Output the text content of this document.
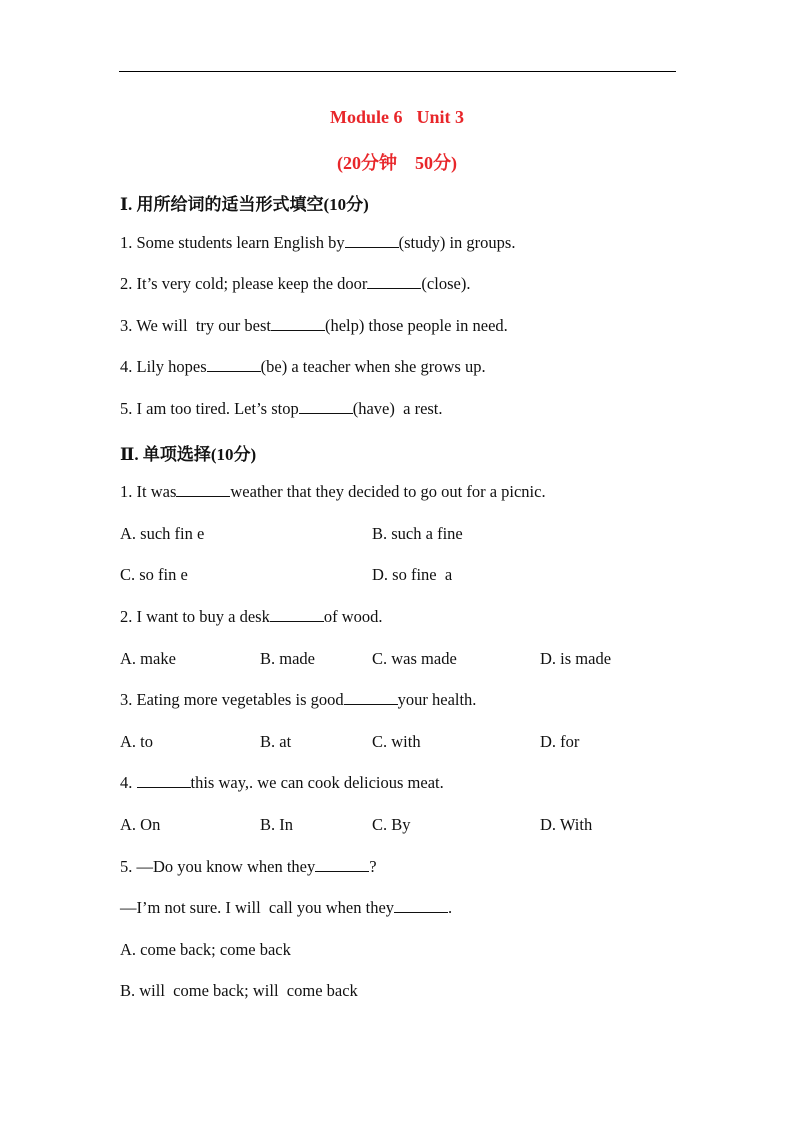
Module 6 Unit 3
(20分钟　50分)
Ⅰ. 用所给词的适当形式填空(10分)
1. Some students learn English by	(study) in groups.
2. It’s very cold; please keep the door	(close).
3. We will  try our best	(help) those people in need.
4. Lily hopes	(be) a teacher when she grows up.
5. I am too tired. Let’s stop	(have)  a rest.
Ⅱ. 单项选择(10分)
1. It was	weather that they decided to go out for a picnic.
A. such fin e	B. such a fine
C. so fin e	D. so fine  a
2. I want to buy a desk	of wood.
A. make	B. made	C. was made	D. is made
3. Eating more vegetables is good	your health.
A. to	B. at	C. with	D. for
4.	this way,. we can cook delicious meat.
A. On	B. In	C. By	D. With
5. —Do you know when they	?
—I’m not sure. I will  call you when they	.
A. come back; come back
B. will  come back; will  come back
